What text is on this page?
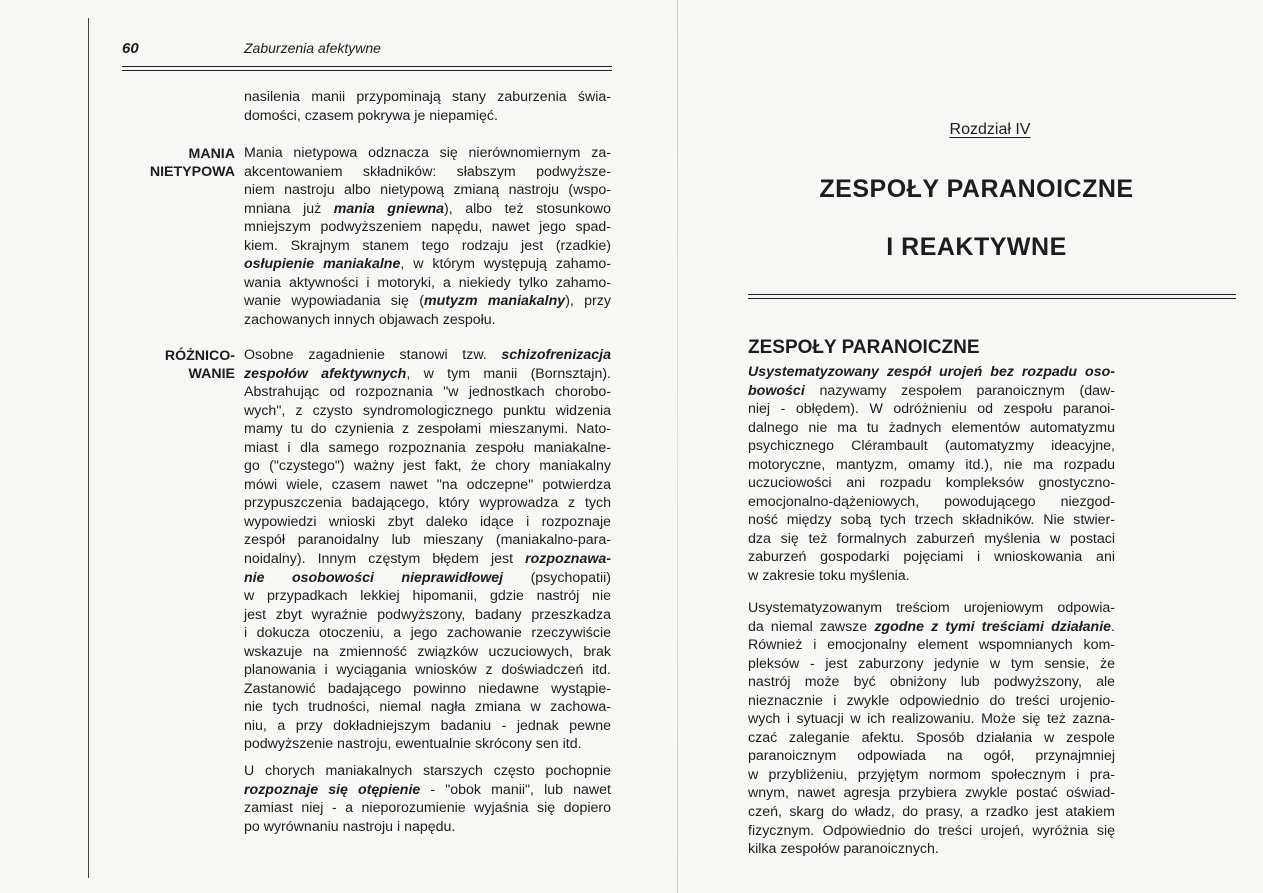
60	Zaburzenia afektywne
nasilenia manii przypominają stany zaburzenia świa-
domości, czasem pokrywa je niepamięć.
MANIA
NIETYPOWA
Mania nietypowa odznacza się nierównomiernym za-
akcentowaniem składników: słabszym podwyższe-
niem nastroju albo nietypową zmianą nastroju (wspo-
mniana już mania gniewna), albo też stosunkowo
mniejszym podwyższeniem napędu, nawet jego spad-
kiem. Skrajnym stanem tego rodzaju jest (rzadkie)
osłupienie maniakalne, w którym występują zahamo-
wania aktywności i motoryki, a niekiedy tylko zahamo-
wanie wypowiadania się (mutyzm maniakalny), przy
zachowanych innych objawach zespołu.
RÓŻNICO-
WANIE
Osobne zagadnienie stanowi tzw. schizofrenizacja
zespołów afektywnych, w tym manii (Bornsztajn).
Abstrahując od rozpoznania "w jednostkach chorobo-
wych", z czysto syndromologicznego punktu widzenia
mamy tu do czynienia z zespołami mieszanymi. Nato-
miast i dla samego rozpoznania zespołu maniakalne-
go ("czystego") ważny jest fakt, że chory maniakalny
mówi wiele, czasem nawet "na odczepne" potwierdza
przypuszczenia badającego, który wyprowadza z tych
wypowiedzi wnioski zbyt daleko idące i rozpoznaje
zespół paranoidalny lub mieszany (maniakalno-para-
noidalny). Innym częstym błędem jest rozpoznawa-
nie osobowości nieprawidłowej (psychopatii)
w przypadkach lekkiej hipomanii, gdzie nastrój nie
jest zbyt wyraźnie podwyższony, badany przeszkadza
i dokucza otoczeniu, a jego zachowanie rzeczywiście
wskazuje na zmienność związków uczuciowych, brak
planowania i wyciągania wniosków z doświadczeń itd.
Zastanowić badającego powinno niedawne wystąpie-
nie tych trudności, niemal nagła zmiana w zachowa-
niu, a przy dokładniejszym badaniu - jednak pewne
podwyższenie nastroju, ewentualnie skrócony sen itd.
U chorych maniakalnych starszych często pochopnie
rozpoznaje się otępienie - "obok manii", lub nawet
zamiast niej - a nieporozumienie wyjaśnia się dopiero
po wyrównaniu nastroju i napędu.
Rozdział IV
ZESPOŁY PARANOICZNE
I REAKTYWNE
ZESPOŁY PARANOICZNE
Usystematyzowany zespół urojeń bez rozpadu oso-
bowości nazywamy zespołem paranoicznym (daw-
niej - obłędem). W odróżnieniu od zespołu paranoi-
dalnego nie ma tu żadnych elementów automatyzmu
psychicznego Clérambault (automatyzmy ideacyjne,
motoryczne, mantyzm, omamy itd.), nie ma rozpadu
uczuciowości ani rozpadu kompleksów gnostyczno-
emocjonalno-dążeniowych, powodującego niezgod-
ność między sobą tych trzech składników. Nie stwier-
dza się też formalnych zaburzeń myślenia w postaci
zaburzeń gospodarki pojęciami i wnioskowania ani
w zakresie toku myślenia.
Usystematyzowanym treściom urojeniowym odpowia-
da niemal zawsze zgodne z tymi treściami działanie.
Również i emocjonalny element wspomnianych kom-
pleksów - jest zaburzony jedynie w tym sensie, że
nastrój może być obniżony lub podwyższony, ale
nieznacznie i zwykle odpowiednio do treści urojenio-
wych i sytuacji w ich realizowaniu. Może się też zazna-
czać zaleganie afektu. Sposób działania w zespole
paranoicznym odpowiada na ogół, przynajmniej
w przybliżeniu, przyjętym normom społecznym i pra-
wnym, nawet agresja przybiera zwykle postać oświad-
czeń, skarg do władz, do prasy, a rzadko jest atakiem
fizycznym. Odpowiednio do treści urojeń, wyróżnia się
kilka zespołów paranoicznych.
